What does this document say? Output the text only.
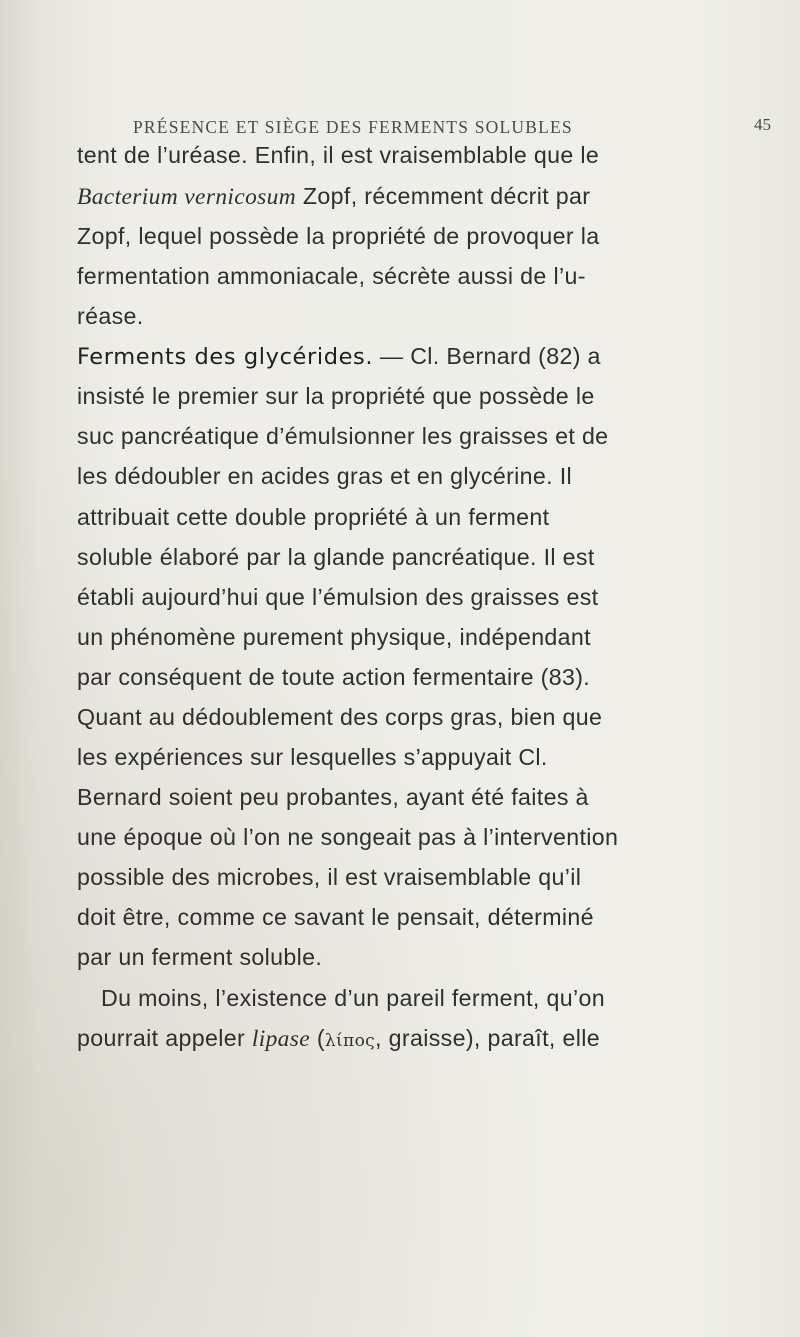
PRÉSENCE ET SIÈGE DES FERMENTS SOLUBLES	45
tent de l’uréase. Enfin, il est vraisemblable que le
Bacterium vernicosum Zopf, récemment décrit par
Zopf, lequel possède la propriété de provoquer la
fermentation ammoniacale, sécrète aussi de l’u-
réase.
Ferments des glycérides. — Cl. Bernard (82) a
insisté le premier sur la propriété que possède le
suc pancréatique d’émulsionner les graisses et de
les dédoubler en acides gras et en glycérine. Il
attribuait cette double propriété à un ferment
soluble élaboré par la glande pancréatique. Il est
établi aujourd’hui que l’émulsion des graisses est
un phénomène purement physique, indépendant
par conséquent de toute action fermentaire (83).
Quant au dédoublement des corps gras, bien que
les expériences sur lesquelles s’appuyait Cl.
Bernard soient peu probantes, ayant été faites à
une époque où l’on ne songeait pas à l’intervention
possible des microbes, il est vraisemblable qu’il
doit être, comme ce savant le pensait, déterminé
par un ferment soluble.
Du moins, l’existence d’un pareil ferment, qu’on
pourrait appeler lipase (λίπος, graisse), paraît, elle
